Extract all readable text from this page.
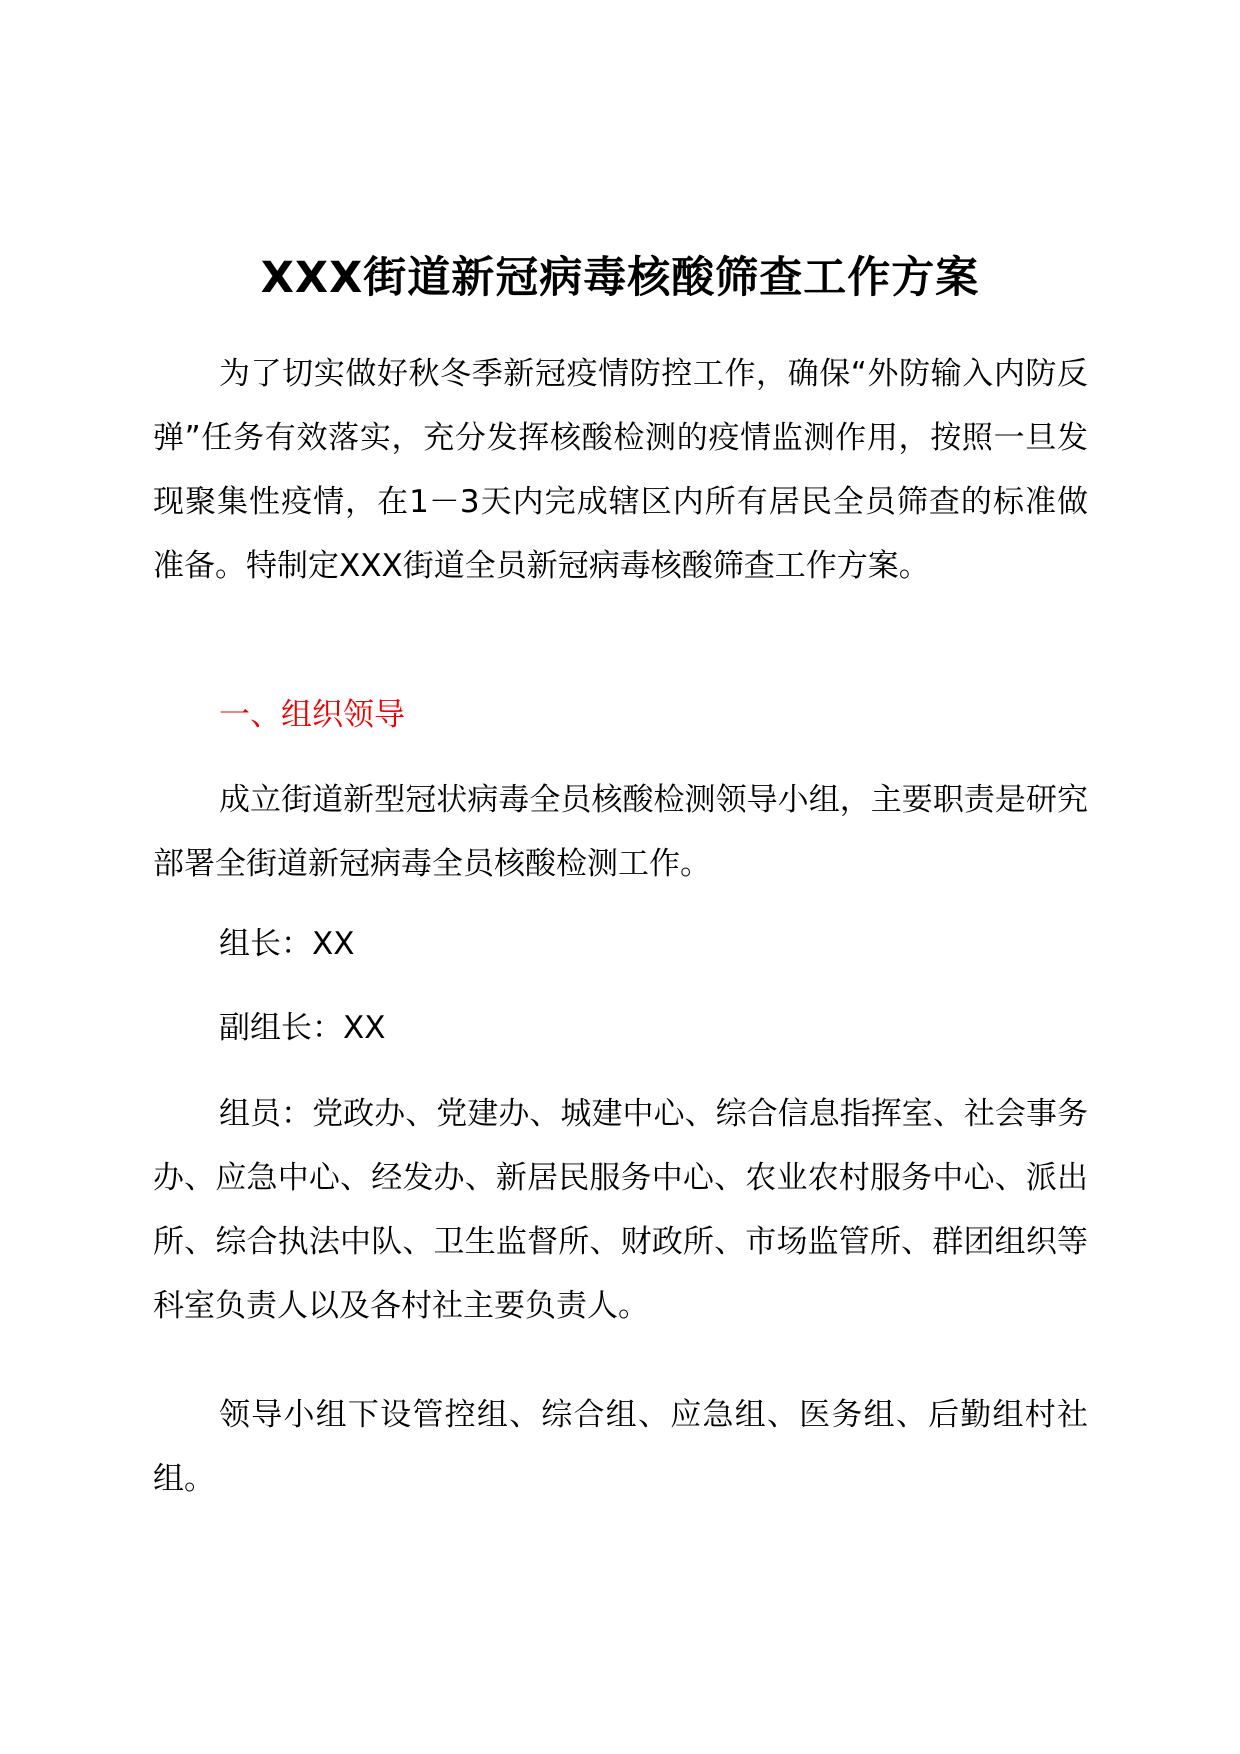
XXX街道新冠病毒核酸筛查工作方案
为了切实做好秋冬季新冠疫情防控工作，确保“外防输入内防反弹”任务有效落实，充分发挥核酸检测的疫情监测作用，按照一旦发现聚集性疫情，在1－3天内完成辖区内所有居民全员筛查的标准做准备。特制定XXX街道全员新冠病毒核酸筛查工作方案。
一、组织领导
成立街道新型冠状病毒全员核酸检测领导小组，主要职责是研究部署全街道新冠病毒全员核酸检测工作。
组长：XX
副组长：XX
组员：党政办、党建办、城建中心、综合信息指挥室、社会事务办、应急中心、经发办、新居民服务中心、农业农村服务中心、派出所、综合执法中队、卫生监督所、财政所、市场监管所、群团组织等科室负责人以及各村社主要负责人。
领导小组下设管控组、综合组、应急组、医务组、后勤组村社组。
